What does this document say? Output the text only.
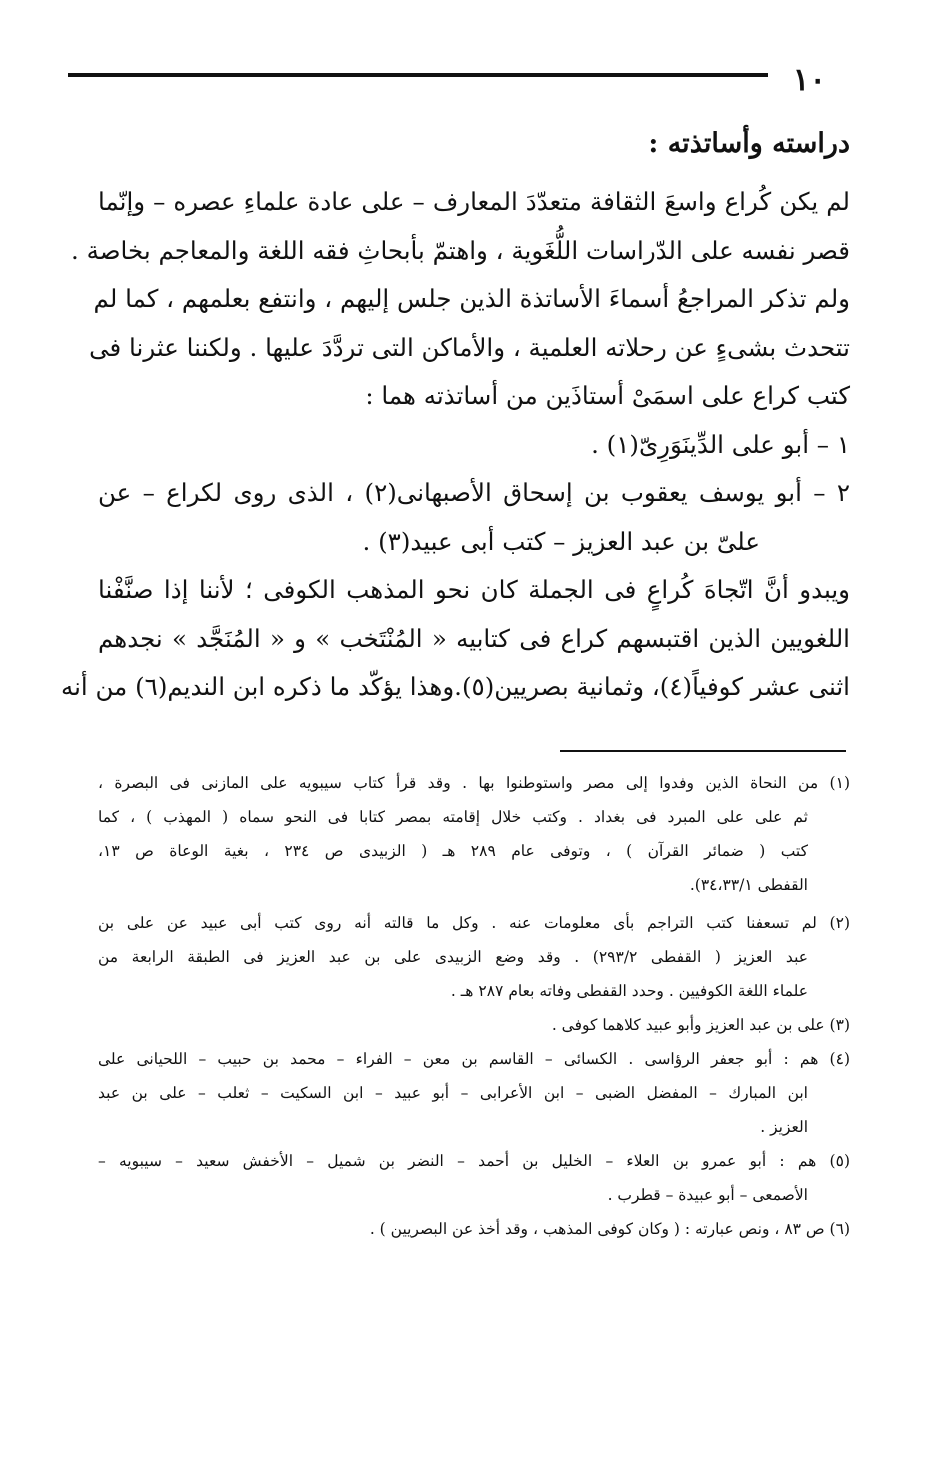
١٠
دراسته وأساتذته :
لم يكن كُراع واسعَ الثقافة متعدّدَ المعارف – على عادة علماءِ عصره – وإنّما
قصر نفسه على الدّراسات اللُّغَوية ، واهتمّ بأبحاثِ فقه اللغة والمعاجم بخاصة .
ولم تذكر المراجعُ أسماءَ الأساتذة الذين جلس إليهم ، وانتفع بعلمهم ، كما لم
تتحدث بشىءٍ عن رحلاته العلمية ، والأماكن التى تردَّدَ عليها . ولكننا عثرنا فى
كتب كراع على اسمَىْ أستاذَين من أساتذته هما :
١ – أبو على الدِّينَوَرِىّ(١) .
٢ – أبو يوسف يعقوب بن إسحاق الأصبهانى(٢) ، الذى روى لكراع – عن
علىّ بن عبد العزيز – كتب أبى عبيد(٣) .
ويبدو أنَّ اتّجاهَ كُراعٍ فى الجملة كان نحو المذهب الكوفى ؛ لأننا إذا صنَّفْنا
اللغويين الذين اقتبسهم كراع فى كتابيه « المُنْتَخب » و « المُنَجَّد » نجدهم
اثنى عشر كوفياً(٤)، وثمانية بصريين(٥).وهذا يؤكّد ما ذكره ابن النديم(٦) من أنه
(١) من النحاة الذين وفدوا إلى مصر واستوطنوا بها . وقد قرأ كتاب سيبويه على المازنى فى البصرة ،
ثم على على المبرد فى بغداد . وكتب خلال إقامته بمصر كتابا فى النحو سماه ( المهذب ) ، كما
كتب ( ضمائر القرآن ) ، وتوفى عام ٢٨٩ هـ ( الزبيدى ص ٢٣٤ ، بغية الوعاة ص ١٣،
القفطى ٣٤،٣٣/١).
(٢) لم تسعفنا كتب التراجم بأى معلومات عنه . وكل ما قالته أنه روى كتب أبى عبيد عن على بن
عبد العزيز ( القفطى ٢٩٣/٢) . وقد وضع الزبيدى على بن عبد العزيز فى الطبقة الرابعة من
علماء اللغة الكوفيين . وحدد القفطى وفاته بعام ٢٨٧ هـ .
(٣) على بن عبد العزيز وأبو عبيد كلاهما كوفى .
(٤) هم : أبو جعفر الرؤاسى . الكسائى – القاسم بن معن – الفراء – محمد بن حبيب – اللحيانى على
ابن المبارك – المفضل الضبى – ابن الأعرابى – أبو عبيد – ابن السكيت – ثعلب – على بن عبد
العزيز .
(٥) هم : أبو عمرو بن العلاء – الخليل بن أحمد – النضر بن شميل – الأخفش سعيد – سيبويه –
الأصمعى – أبو عبيدة – قطرب .
(٦) ص ٨٣ ، ونص عبارته : ( وكان كوفى المذهب ، وقد أخذ عن البصريين ) .
